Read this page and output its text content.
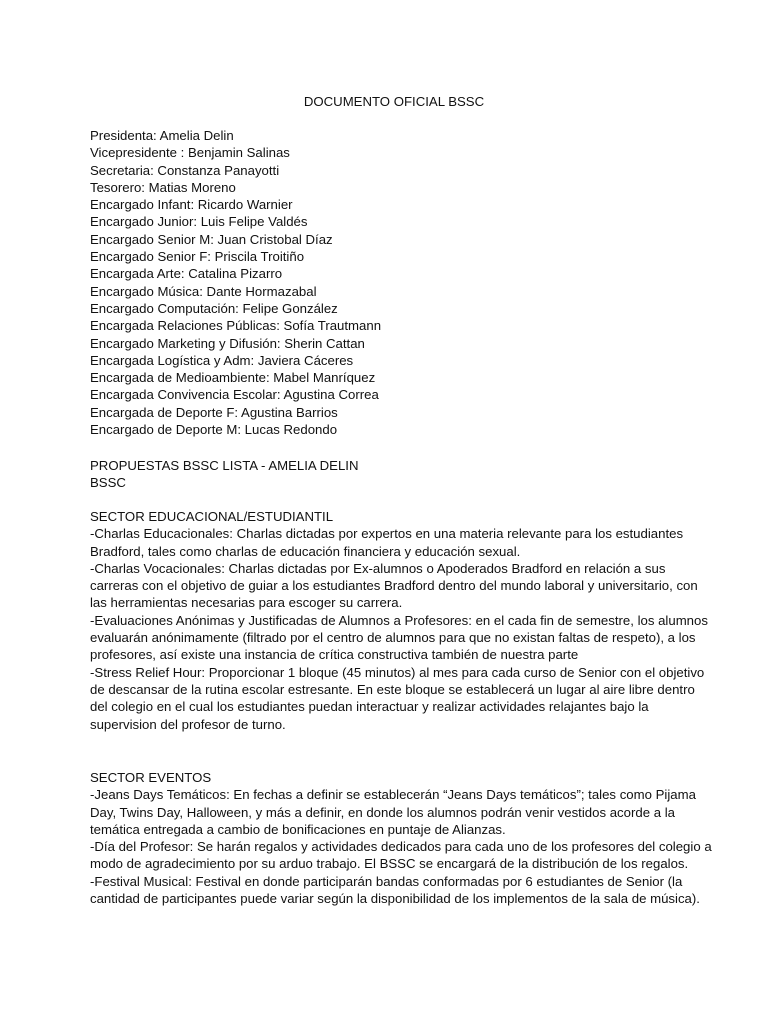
DOCUMENTO OFICIAL BSSC
Presidenta: Amelia Delin
Vicepresidente : Benjamin Salinas
Secretaria: Constanza Panayotti
Tesorero: Matias Moreno
Encargado Infant: Ricardo Warnier
Encargado Junior: Luis Felipe Valdés
Encargado Senior M: Juan Cristobal Díaz
Encargado Senior F: Priscila Troitiño
Encargada Arte: Catalina Pizarro
Encargado Música: Dante Hormazabal
Encargado Computación: Felipe González
Encargada Relaciones Públicas: Sofía Trautmann
Encargado Marketing y Difusión: Sherin Cattan
Encargada Logística y Adm: Javiera Cáceres
Encargada de Medioambiente: Mabel Manríquez
Encargada Convivencia Escolar: Agustina Correa
Encargada de Deporte F: Agustina Barrios
Encargado de Deporte M: Lucas Redondo
PROPUESTAS BSSC LISTA - AMELIA DELIN
BSSC
SECTOR EDUCACIONAL/ESTUDIANTIL
-Charlas Educacionales: Charlas dictadas por expertos en una materia relevante para los estudiantes
Bradford, tales como charlas de educación financiera y educación sexual.
-Charlas Vocacionales: Charlas dictadas por Ex-alumnos o Apoderados Bradford en relación a sus
carreras con el objetivo de guiar a los estudiantes Bradford dentro del mundo laboral y universitario, con
las herramientas necesarias para escoger su carrera.
-Evaluaciones Anónimas y Justificadas de Alumnos a Profesores: en el cada fin de semestre, los alumnos
evaluarán anónimamente (filtrado por el centro de alumnos para que no existan faltas de respeto), a los
profesores, así existe una instancia de crítica constructiva también de nuestra parte
-Stress Relief Hour: Proporcionar 1 bloque (45 minutos) al mes para cada curso de Senior con el objetivo
de descansar de la rutina escolar estresante. En este bloque se establecerá un lugar al aire libre dentro
del colegio en el cual los estudiantes puedan interactuar y realizar actividades relajantes bajo la
supervision del profesor de turno.
SECTOR EVENTOS
-Jeans Days Temáticos: En fechas a definir se establecerán “Jeans Days temáticos”; tales como Pijama
Day, Twins Day, Halloween, y más a definir, en donde los alumnos podrán venir vestidos acorde a la
temática entregada a cambio de bonificaciones en puntaje de Alianzas.
-Día del Profesor: Se harán regalos y actividades dedicados para cada uno de los profesores del colegio a
modo de agradecimiento por su arduo trabajo. El BSSC se encargará de la distribución de los regalos.
-Festival Musical: Festival en donde participarán bandas conformadas por 6 estudiantes de Senior (la
cantidad de participantes puede variar según la disponibilidad de los implementos de la sala de música).
